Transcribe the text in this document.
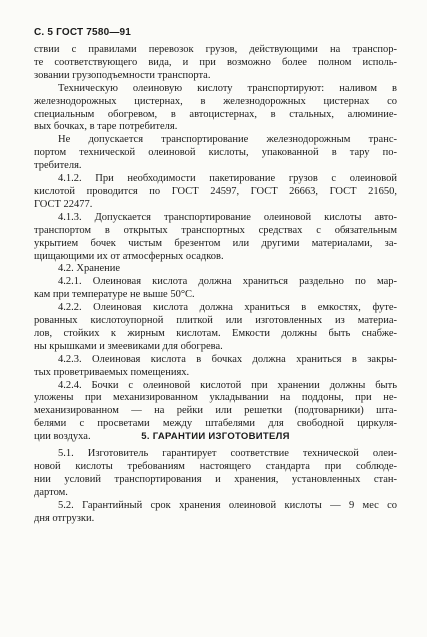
С. 5 ГОСТ 7580—91
ствии с правилами перевозок грузов, действующими на транспор-
те соответствующего вида, и при возможно более полном исполь-
зовании грузоподъемности транспорта.
Техническую олеиновую кислоту транспортируют: наливом в
железнодорожных цистернах, в железнодорожных цистернах со
специальным обогревом, в автоцистернах, в стальных, алюминие-
вых бочках, в таре потребителя.
Не допускается транспортирование железнодорожным транс-
портом технической олеиновой кислоты, упакованной в тару по-
требителя.
4.1.2. При необходимости пакетирование грузов с олеиновой
кислотой проводится по ГОСТ 24597, ГОСТ 26663, ГОСТ 21650,
ГОСТ 22477.
4.1.3. Допускается транспортирование олеиновой кислоты авто-
транспортом в открытых транспортных средствах с обязательным
укрытием бочек чистым брезентом или другими материалами, за-
щищающими их от атмосферных осадков.
4.2. Хранение
4.2.1. Олеиновая кислота должна храниться раздельно по мар-
кам при температуре не выше 50°C.
4.2.2. Олеиновая кислота должна храниться в емкостях, футе-
рованных кислотоупорной плиткой или изготовленных из материа-
лов, стойких к жирным кислотам. Емкости должны быть снабже-
ны крышками и змеевиками для обогрева.
4.2.3. Олеиновая кислота в бочках должна храниться в закры-
тых проветриваемых помещениях.
4.2.4. Бочки с олеиновой кислотой при хранении должны быть
уложены при механизированном укладывании на поддоны, при не-
механизированном — на рейки или решетки (подтоварники) штa-
белями с просветами между штабелями для свободной циркуля-
ции воздуха.	5. ГАРАНТИИ ИЗГОТОВИТЕЛЯ
5.1. Изготовитель гарантирует соответствие технической олеи-
новой кислоты требованиям настоящего стандарта при соблюде-
нии условий транспортирования и хранения, установленных стан-
дартом.
5.2. Гарантийный срок хранения олеиновой кислоты — 9 мес со
дня отгрузки.
